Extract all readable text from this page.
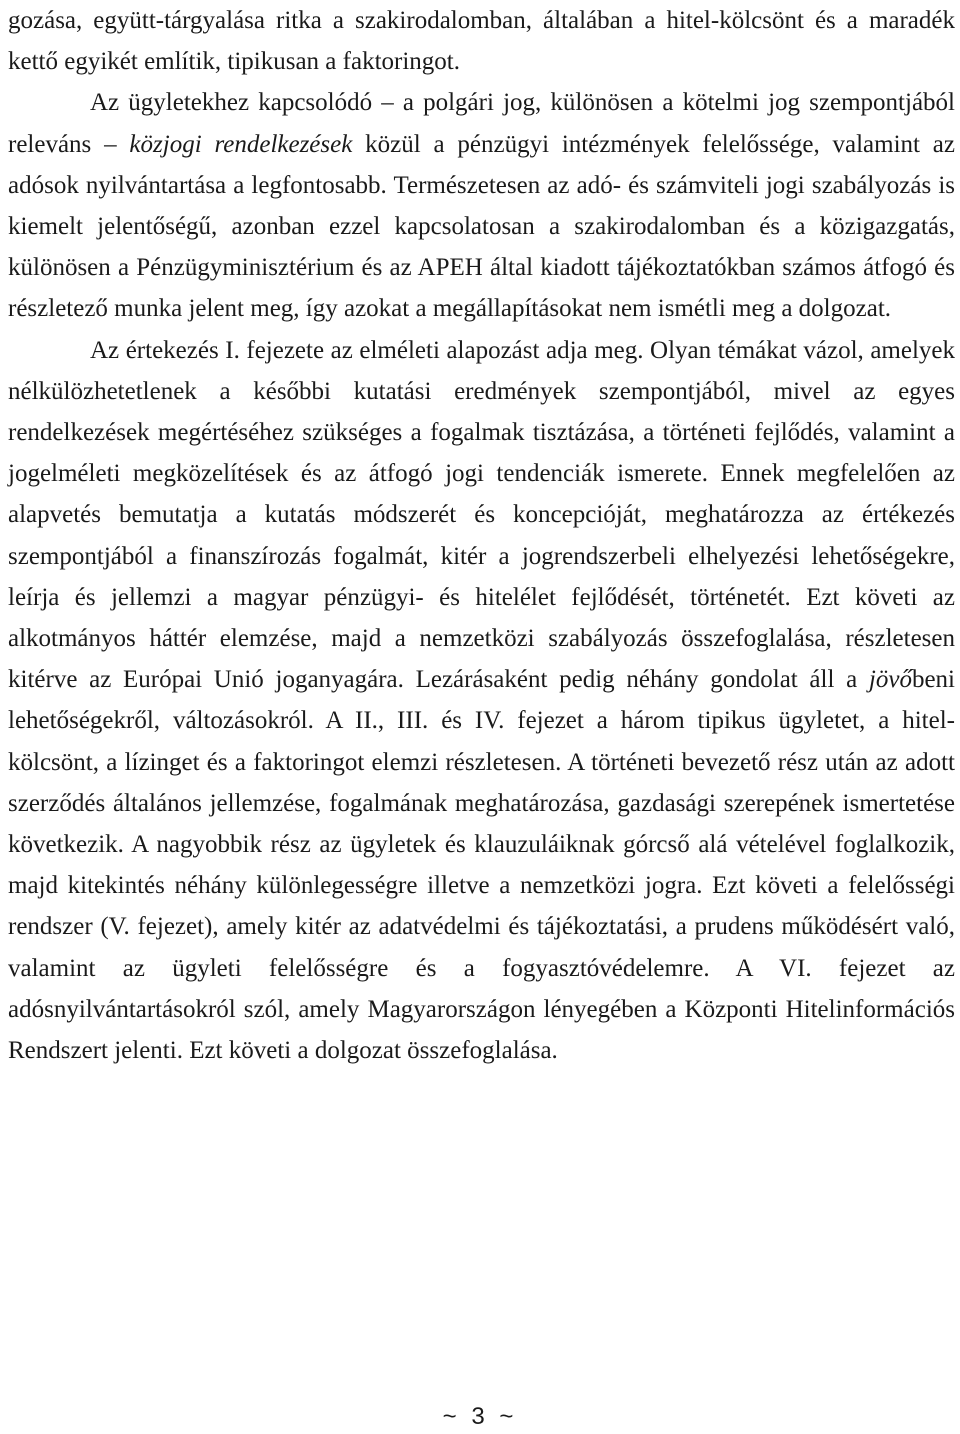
gozása, együtt-tárgyalása ritka a szakirodalomban, általában a hitel-kölcsönt és a maradék kettő egyikét említik, tipikusan a faktoringot.

Az ügyletekhez kapcsolódó – a polgári jog, különösen a kötelmi jog szempontjából releváns – közjogi rendelkezések közül a pénzügyi intézmények felelőssége, valamint az adósok nyilvántartása a legfontosabb. Természetesen az adó- és számviteli jogi szabályozás is kiemelt jelentőségű, azonban ezzel kapcsolatosan a szakirodalomban és a közigazgatás, különösen a Pénzügyminisztérium és az APEH által kiadott tájékoztatókban számos átfogó és részletező munka jelent meg, így azokat a megállapításokat nem ismétli meg a dolgozat.

Az értekezés I. fejezete az elméleti alapozást adja meg. Olyan témákat vázol, amelyek nélkülözhetetlenek a későbbi kutatási eredmények szempontjából, mivel az egyes rendelkezések megértéséhez szükséges a fogalmak tisztázása, a történeti fejlődés, valamint a jogelméleti megközelítések és az átfogó jogi tendenciák ismerete. Ennek megfelelően az alapvetés bemutatja a kutatás módszerét és koncepcióját, meghatározza az értékezés szempontjából a finanszírozás fogalmát, kitér a jogrendszerbeli elhelyezési lehetőségekre, leírja és jellemzi a magyar pénzügyi- és hitelélet fejlődését, történetét. Ezt követi az alkotmányos háttér elemzése, majd a nemzetközi szabályozás összefoglalása, részletesen kitérve az Európai Unió joganyagára. Lezárásaként pedig néhány gondolat áll a jövőbeni lehetőségekről, változásokról. A II., III. és IV. fejezet a három tipikus ügyletet, a hitel-kölcsönt, a lízinget és a faktoringot elemzi részletesen. A történeti bevezető rész után az adott szerződés általános jellemzése, fogalmának meghatározása, gazdasági szerepének ismertetése következik. A nagyobbik rész az ügyletek és klauzuláiknak górcső alá vételével foglalkozik, majd kitekintés néhány különlegességre illetve a nemzetközi jogra. Ezt követi a felelősségi rendszer (V. fejezet), amely kitér az adatvédelmi és tájékoztatási, a prudens működésért való, valamint az ügyleti felelősségre és a fogyasztóvédelemre. A VI. fejezet az adósnyilvántartásokról szól, amely Magyarországon lényegében a Központi Hitelinformációs Rendszert jelenti. Ezt követi a dolgozat összefoglalása.

~ 3 ~
